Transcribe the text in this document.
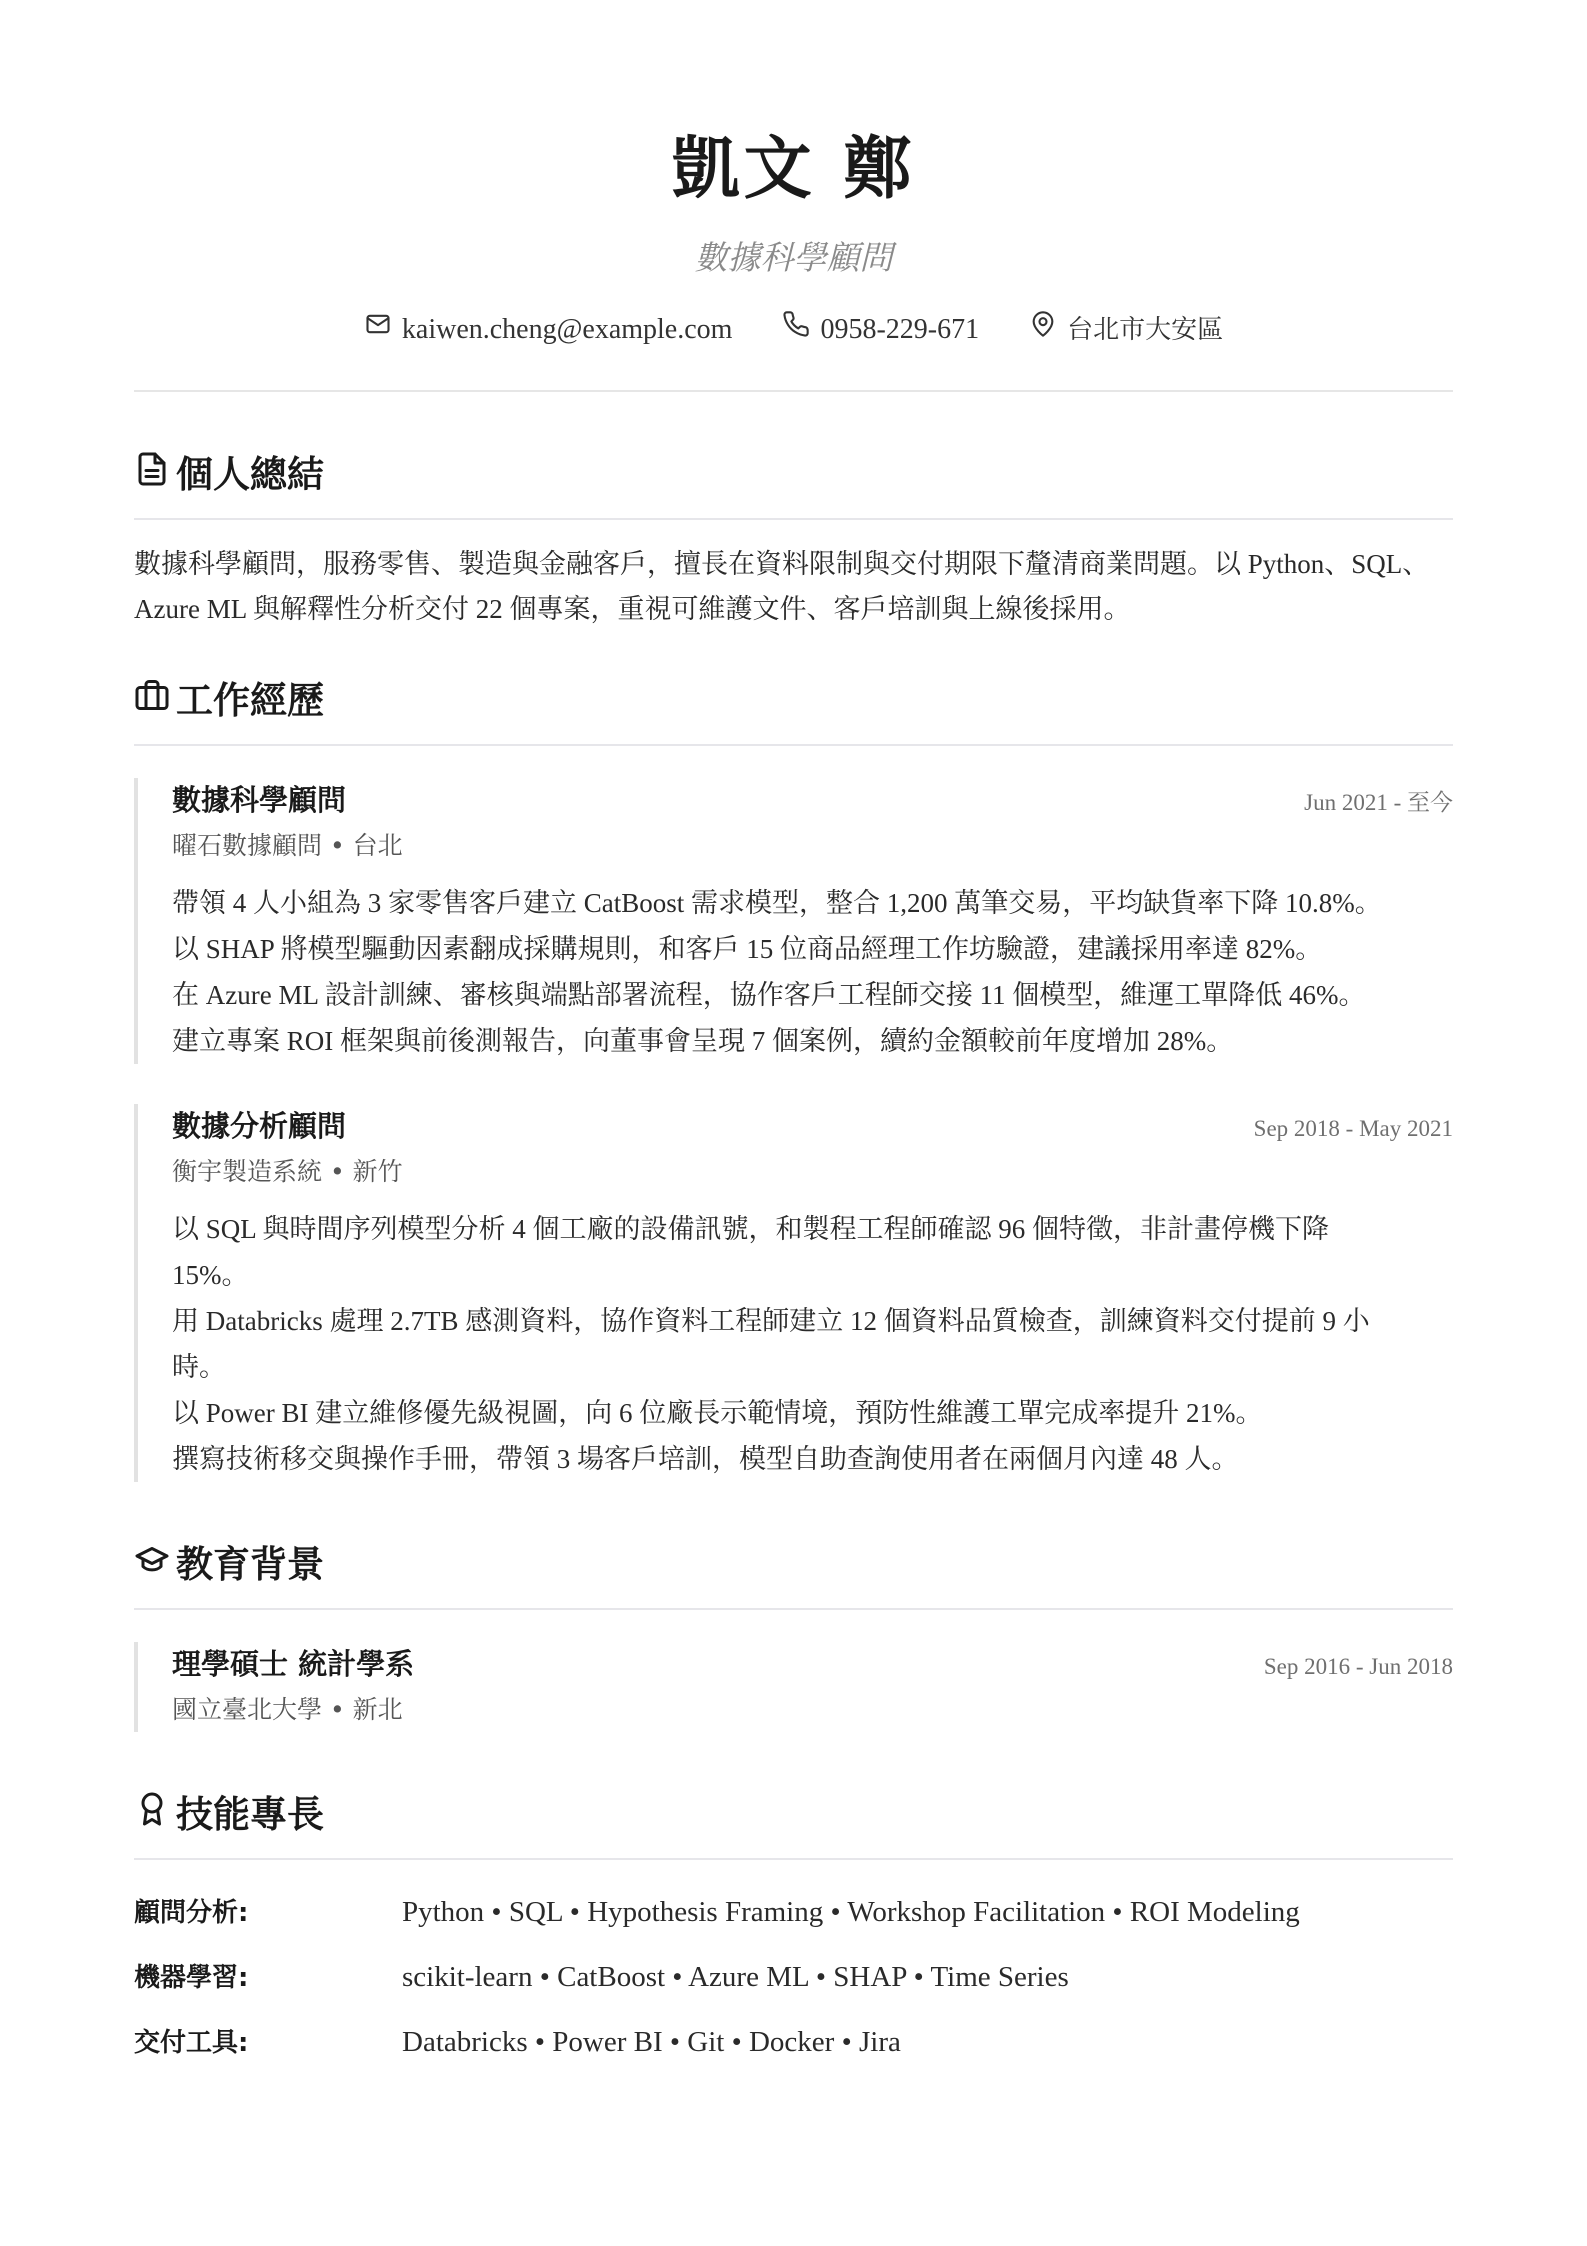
凱文 鄭
數據科學顧問
kaiwen.cheng@example.com	0958-229-671	台北市大安區
個人總結

數據科學顧問，服務零售、製造與金融客戶，擅長在資料限制與交付期限下釐清商業問題。以 Python、SQL、Azure ML 與解釋性分析交付 22 個專案，重視可維護文件、客戶培訓與上線後採用。

工作經歷
數據科學顧問	Jun 2021 - 至今
曜石數據顧問 • 台北
帶領 4 人小組為 3 家零售客戶建立 CatBoost 需求模型，整合 1,200 萬筆交易，平均缺貨率下降 10.8%。
以 SHAP 將模型驅動因素翻成採購規則，和客戶 15 位商品經理工作坊驗證，建議採用率達 82%。
在 Azure ML 設計訓練、審核與端點部署流程，協作客戶工程師交接 11 個模型，維運工單降低 46%。
建立專案 ROI 框架與前後測報告，向董事會呈現 7 個案例，續約金額較前年度增加 28%。
數據分析顧問	Sep 2018 - May 2021
衡宇製造系統 • 新竹
以 SQL 與時間序列模型分析 4 個工廠的設備訊號，和製程工程師確認 96 個特徵，非計畫停機下降 15%。
用 Databricks 處理 2.7TB 感測資料，協作資料工程師建立 12 個資料品質檢查，訓練資料交付提前 9 小時。
以 Power BI 建立維修優先級視圖，向 6 位廠長示範情境，預防性維護工單完成率提升 21%。
撰寫技術移交與操作手冊，帶領 3 場客戶培訓，模型自助查詢使用者在兩個月內達 48 人。
教育背景
理學碩士 統計學系	Sep 2016 - Jun 2018
國立臺北大學 • 新北
技能專長
顧問分析:	Python • SQL • Hypothesis Framing • Workshop Facilitation • ROI Modeling
機器學習:	scikit-learn • CatBoost • Azure ML • SHAP • Time Series
交付工具:	Databricks • Power BI • Git • Docker • Jira
